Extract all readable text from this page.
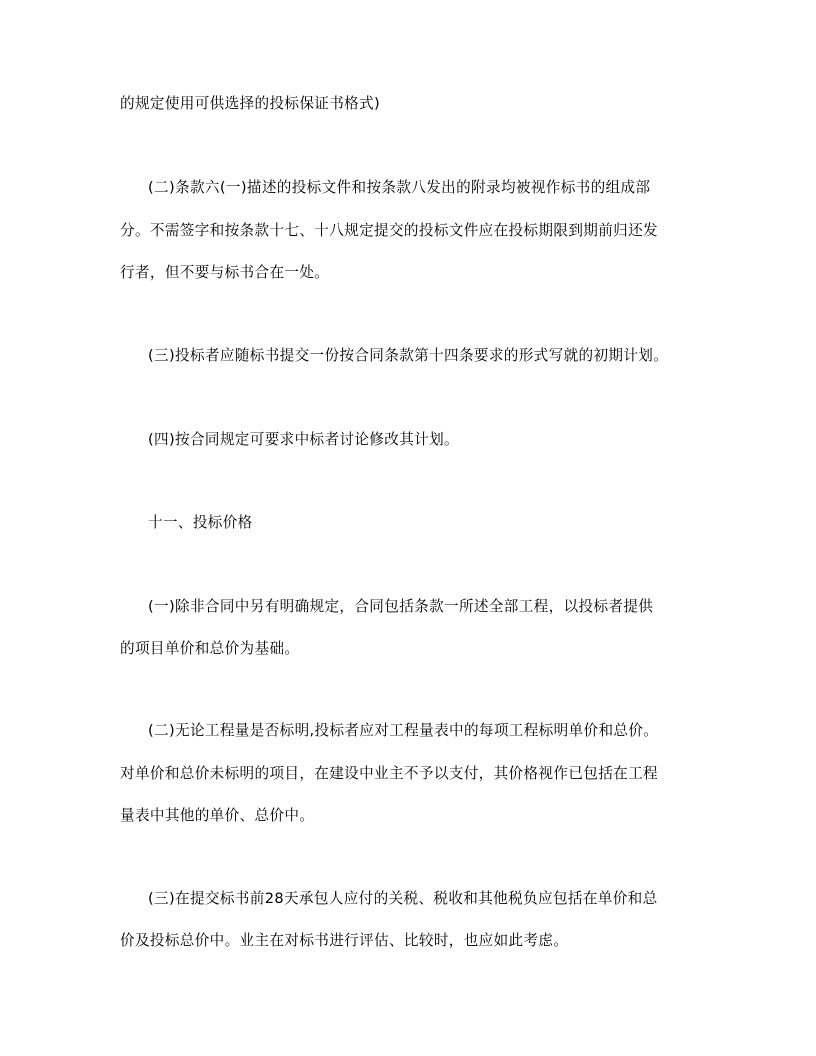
的规定使用可供选择的投标保证书格式)
(二)条款六(一)描述的投标文件和按条款八发出的附录均被视作标书的组成部
分。不需签字和按条款十七、十八规定提交的投标文件应在投标期限到期前归还发
行者，但不要与标书合在一处。
(三)投标者应随标书提交一份按合同条款第十四条要求的形式写就的初期计划。
(四)按合同规定可要求中标者讨论修改其计划。
十一、投标价格
(一)除非合同中另有明确规定，合同包括条款一所述全部工程，以投标者提供
的项目单价和总价为基础。
(二)无论工程量是否标明,投标者应对工程量表中的每项工程标明单价和总价。
对单价和总价未标明的项目，在建设中业主不予以支付，其价格视作已包括在工程
量表中其他的单价、总价中。
(三)在提交标书前28天承包人应付的关税、税收和其他税负应包括在单价和总
价及投标总价中。业主在对标书进行评估、比较时，也应如此考虑。
